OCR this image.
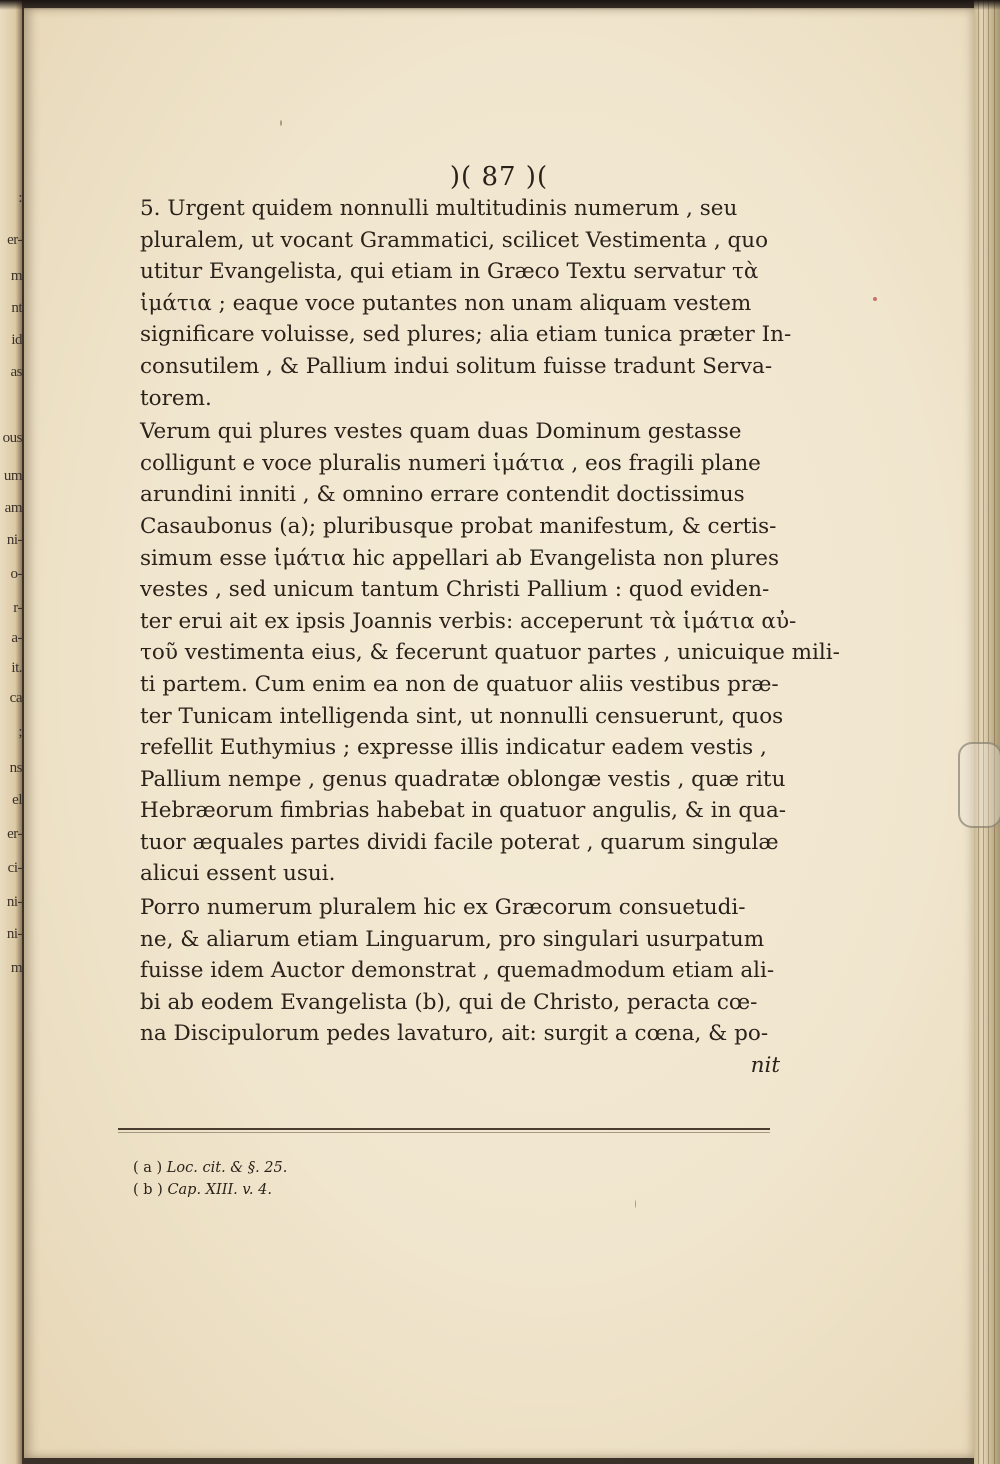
:
er-
m
nt
id
as
ous
um
am
ni-
o-
r-
a-
it.
ca
;
ns
el
er-
ci-
ni-
ni-
m
)( 87 )(

5. Urgent quidem nonnulli multitudinis numerum , seu
pluralem, ut vocant Grammatici, scilicet Vestimenta , quo
utitur Evangelista, qui etiam in Græco Textu servatur τὰ
ἱμάτια ; eaque voce putantes non unam aliquam vestem
significare voluisse, sed plures; alia etiam tunica præter In-
consutilem , & Pallium indui solitum fuisse tradunt Serva-
torem.

Verum qui plures vestes quam duas Dominum gestasse
colligunt e voce pluralis numeri ἱμάτια , eos fragili plane
arundini inniti , & omnino errare contendit doctissimus
Casaubonus (a); pluribusque probat manifestum, & certis-
simum esse ἱμάτια hic appellari ab Evangelista non plures
vestes , sed unicum tantum Christi Pallium : quod eviden-
ter erui ait ex ipsis Joannis verbis: acceperunt τὰ ἱμάτια αὐ-
τοῦ vestimenta eius, & fecerunt quatuor partes , unicuique mili-
ti partem. Cum enim ea non de quatuor aliis vestibus præ-
ter Tunicam intelligenda sint, ut nonnulli censuerunt, quos
refellit Euthymius ; expresse illis indicatur eadem vestis ,
Pallium nempe , genus quadratæ oblongæ vestis , quæ ritu
Hebræorum fimbrias habebat in quatuor angulis, & in qua-
tuor æquales partes dividi facile poterat , quarum singulæ
alicui essent usui.

Porro numerum pluralem hic ex Græcorum consuetudi-
ne, & aliarum etiam Linguarum, pro singulari usurpatum
fuisse idem Auctor demonstrat , quemadmodum etiam ali-
bi ab eodem Evangelista (b), qui de Christo, peracta cœ-
na Discipulorum pedes lavaturo, ait: surgit a cœna, & po-
nit

( a ) Loc. cit. & §. 25.
( b ) Cap. XIII. v. 4.
